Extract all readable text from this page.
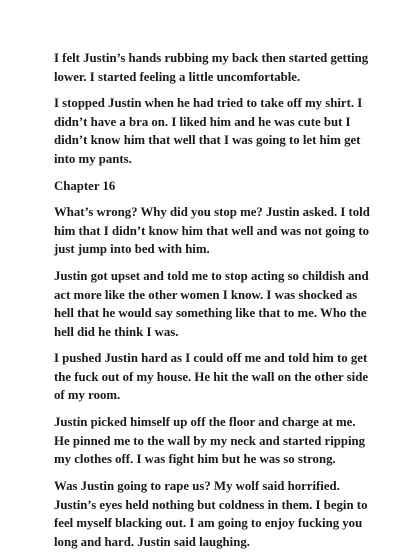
I felt Justin’s hands rubbing my back then started getting lower. I started feeling a little uncomfortable.

I stopped Justin when he had tried to take off my shirt. I didn’t have a bra on. I liked him and he was cute but I didn’t know him that well that I was going to let him get into my pants.

Chapter 16

What’s wrong? Why did you stop me? Justin asked. I told him that I didn’t know him that well and was not going to just jump into bed with him.

Justin got upset and told me to stop acting so childish and act more like the other women I know. I was shocked as hell that he would say something like that to me. Who the hell did he think I was.

I pushed Justin hard as I could off me and told him to get the fuck out of my house. He hit the wall on the other side of my room.

Justin picked himself up off the floor and charge at me. He pinned me to the wall by my neck and started ripping my clothes off. I was fight him but he was so strong.

Was Justin going to rape us? My wolf said horrified. Justin’s eyes held nothing but coldness in them. I begin to feel myself blacking out. I am going to enjoy fucking you long and hard. Justin said laughing.
